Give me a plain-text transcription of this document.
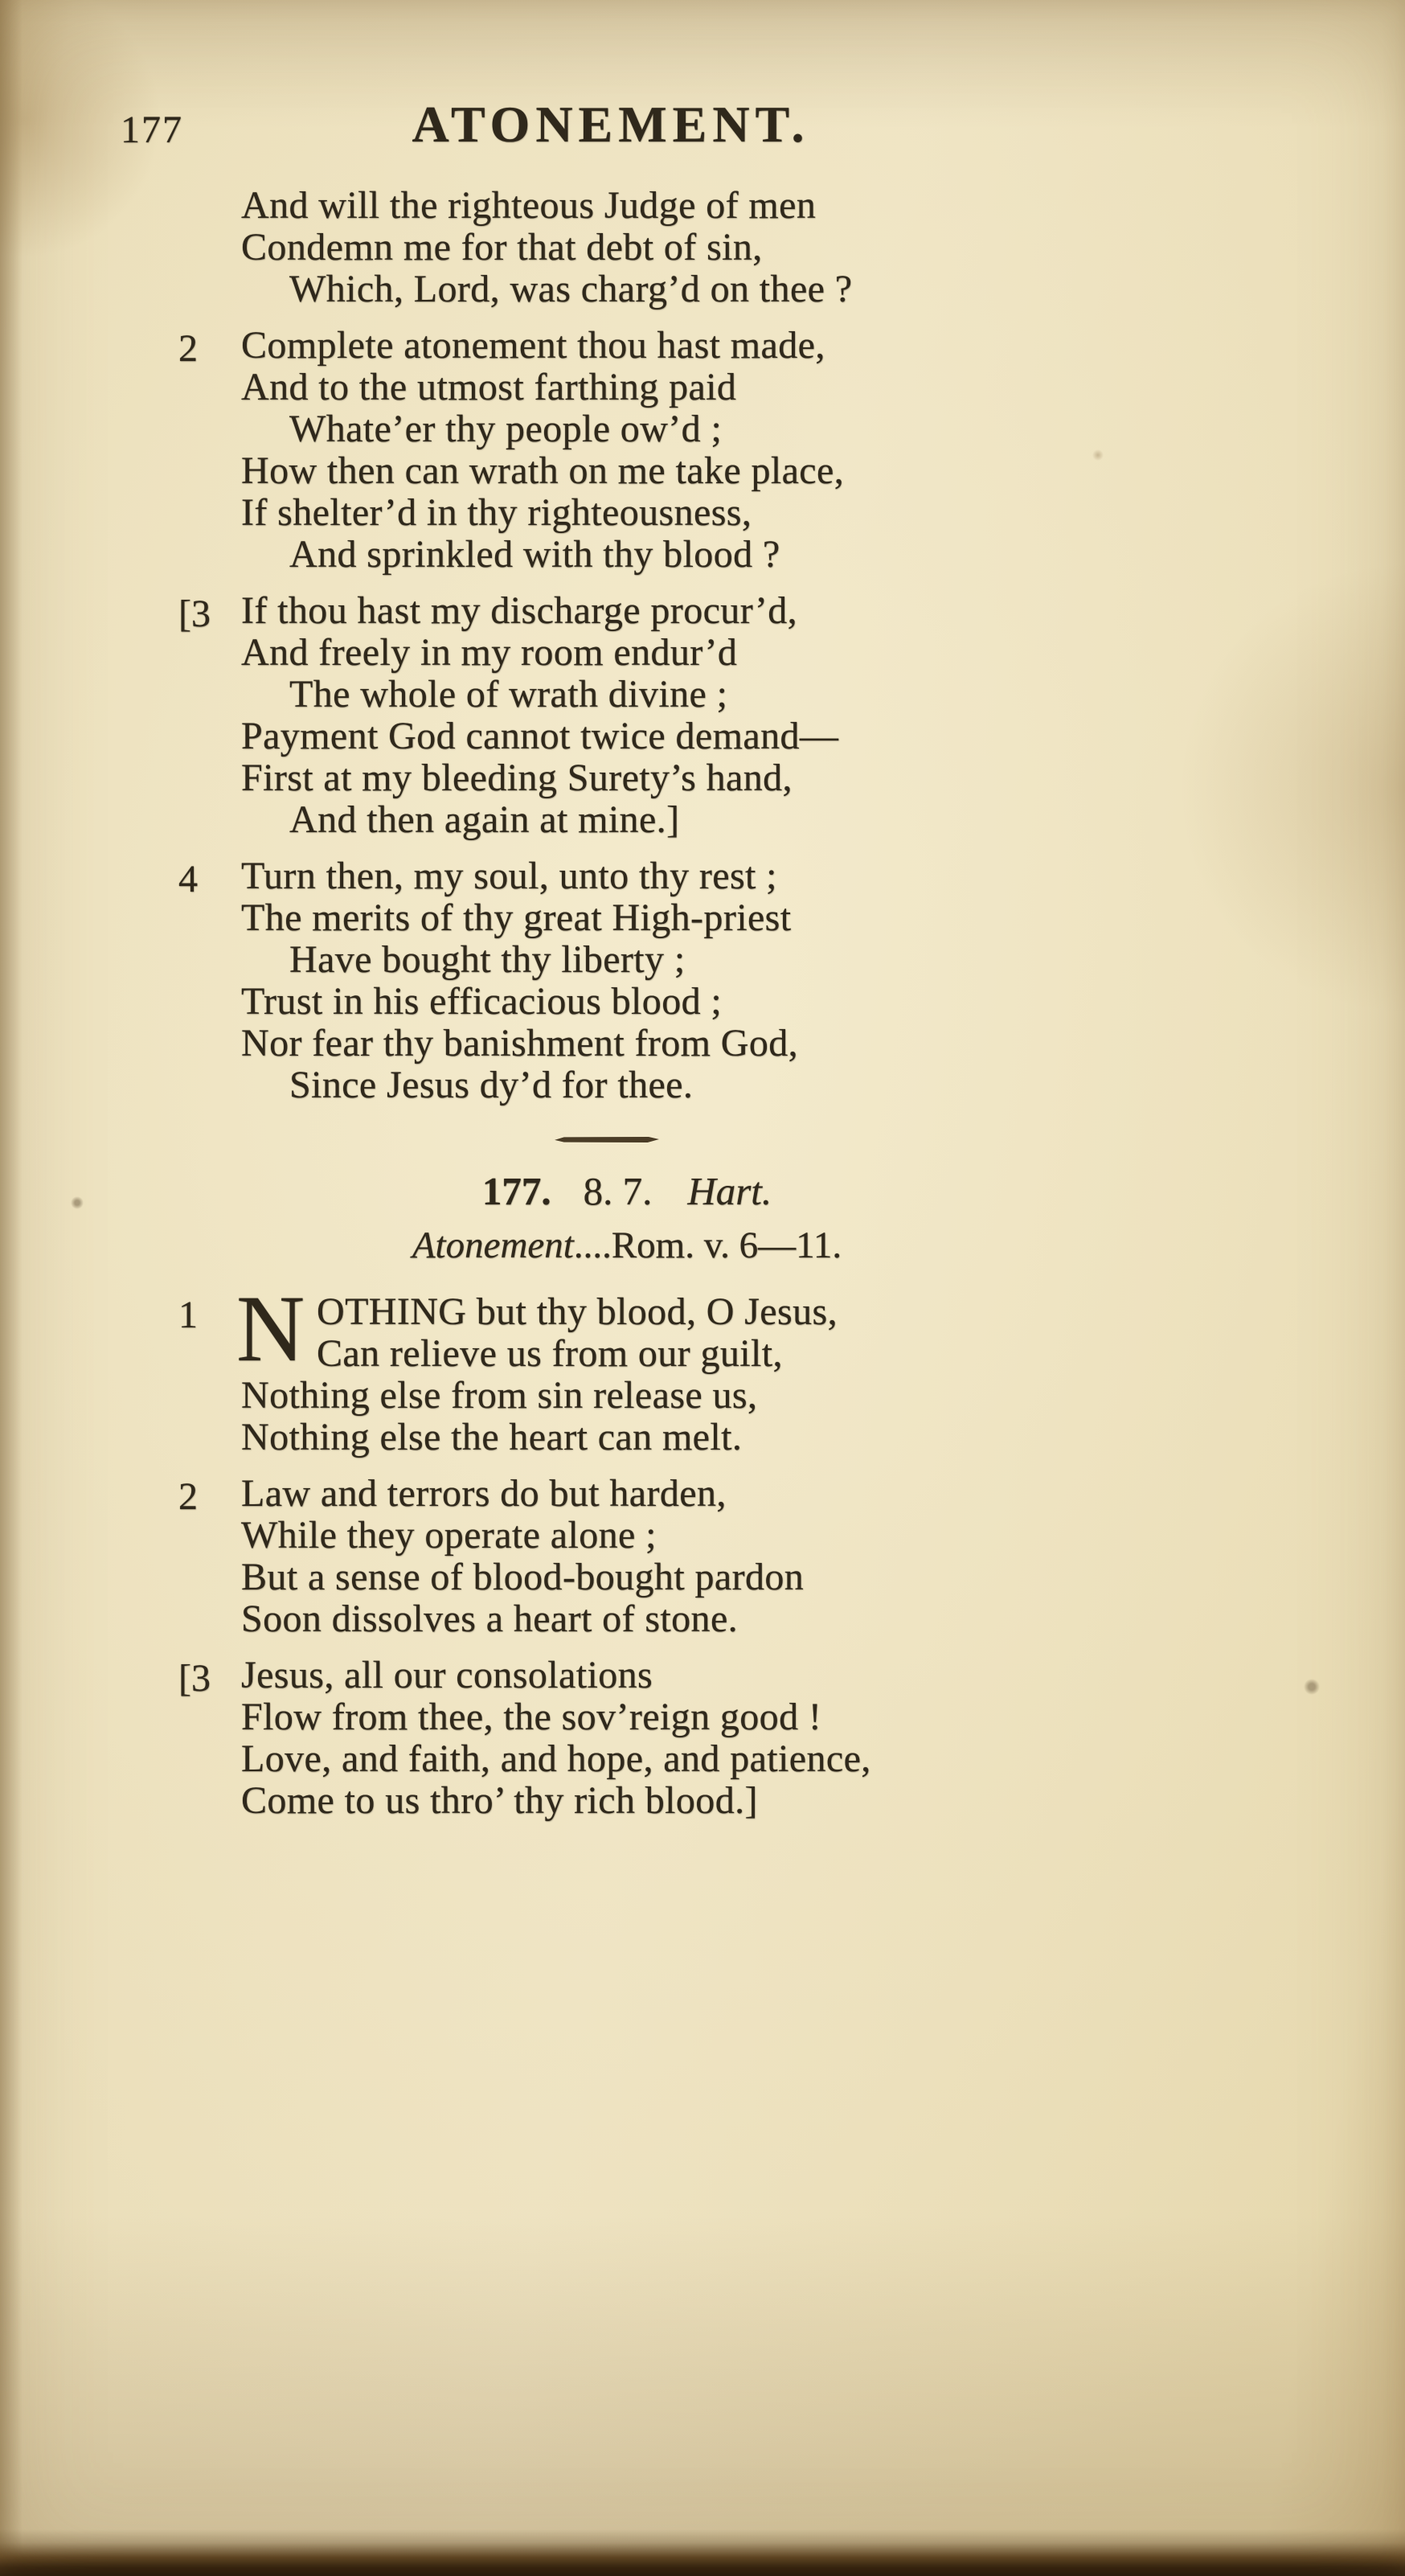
177	ATONEMENT.
And will the righteous Judge of men
Condemn me for that debt of sin,
Which, Lord, was charg’d on thee ?
2 Complete atonement thou hast made,
And to the utmost farthing paid
Whate’er thy people ow’d ;
How then can wrath on me take place,
If shelter’d in thy righteousness,
And sprinkled with thy blood ?
[3 If thou hast my discharge procur’d,
And freely in my room endur’d
The whole of wrath divine ;
Payment God cannot twice demand—
First at my bleeding Surety’s hand,
And then again at mine.]
4 Turn then, my soul, unto thy rest ;
The merits of thy great High-priest
Have bought thy liberty ;
Trust in his efficacious blood ;
Nor fear thy banishment from God,
Since Jesus dy’d for thee.
177. 8. 7. Hart.
Atonement....Rom. v. 6—11.
1 N OTHING but thy blood, O Jesus,
Can relieve us from our guilt,
Nothing else from sin release us,
Nothing else the heart can melt.
2 Law and terrors do but harden,
While they operate alone ;
But a sense of blood-bought pardon
Soon dissolves a heart of stone.
[3 Jesus, all our consolations
Flow from thee, the sov’reign good !
Love, and faith, and hope, and patience,
Come to us thro’ thy rich blood.]
